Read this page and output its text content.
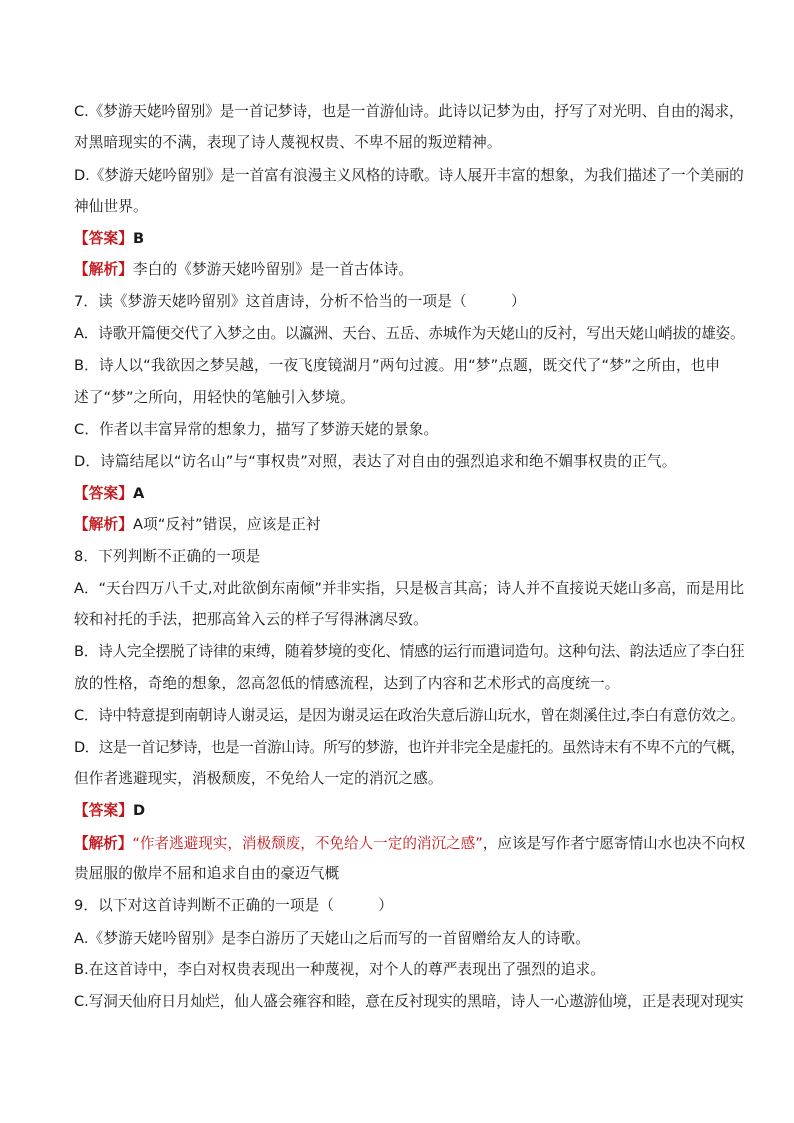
C.《梦游天姥吟留别》是一首记梦诗，也是一首游仙诗。此诗以记梦为由，抒写了对光明、自由的渴求，
对黑暗现实的不满，表现了诗人蔑视权贵、不卑不屈的叛逆精神。
D.《梦游天姥吟留别》是一首富有浪漫主义风格的诗歌。诗人展开丰富的想象，为我们描述了一个美丽的
神仙世界。
【答案】B
【解析】李白的《梦游天姥吟留别》是一首古体诗。
7．读《梦游天姥吟留别》这首唐诗，分析不恰当的一项是（　　　）
A．诗歌开篇便交代了入梦之由。以瀛洲、天台、五岳、赤城作为天姥山的反衬，写出天姥山峭拔的雄姿。
B．诗人以“我欲因之梦吴越，一夜飞度镜湖月”两句过渡。用“梦”点题，既交代了“梦”之所由，也申
述了“梦”之所向，用轻快的笔触引入梦境。
C．作者以丰富异常的想象力，描写了梦游天姥的景象。
D．诗篇结尾以“访名山”与“事权贵”对照，表达了对自由的强烈追求和绝不媚事权贵的正气。
【答案】A
【解析】A项“反衬”错误，应该是正衬
8．下列判断不正确的一项是
A．“天台四万八千丈,对此欲倒东南倾”并非实指，只是极言其高；诗人并不直接说天姥山多高，而是用比
较和衬托的手法，把那高耸入云的样子写得淋漓尽致。
B．诗人完全摆脱了诗律的束缚，随着梦境的变化、情感的运行而遣词造句。这种句法、韵法适应了李白狂
放的性格，奇绝的想象，忽高忽低的情感流程，达到了内容和艺术形式的高度统一。
C．诗中特意提到南朝诗人谢灵运，是因为谢灵运在政治失意后游山玩水，曾在剡溪住过,李白有意仿效之。
D．这是一首记梦诗，也是一首游山诗。所写的梦游，也许并非完全是虚托的。虽然诗末有不卑不亢的气概，
但作者逃避现实，消极颓废，不免给人一定的消沉之感。
【答案】D
【解析】“作者逃避现实，消极颓废，不免给人一定的消沉之感”，应该是写作者宁愿寄情山水也决不向权
贵屈服的傲岸不屈和追求自由的豪迈气概
9．以下对这首诗判断不正确的一项是（　　　）
A.《梦游天姥吟留别》是李白游历了天姥山之后而写的一首留赠给友人的诗歌。
B.在这首诗中，李白对权贵表现出一种蔑视，对个人的尊严表现出了强烈的追求。
C.写洞天仙府日月灿烂，仙人盛会雍容和睦，意在反衬现实的黑暗，诗人一心遨游仙境，正是表现对现实
